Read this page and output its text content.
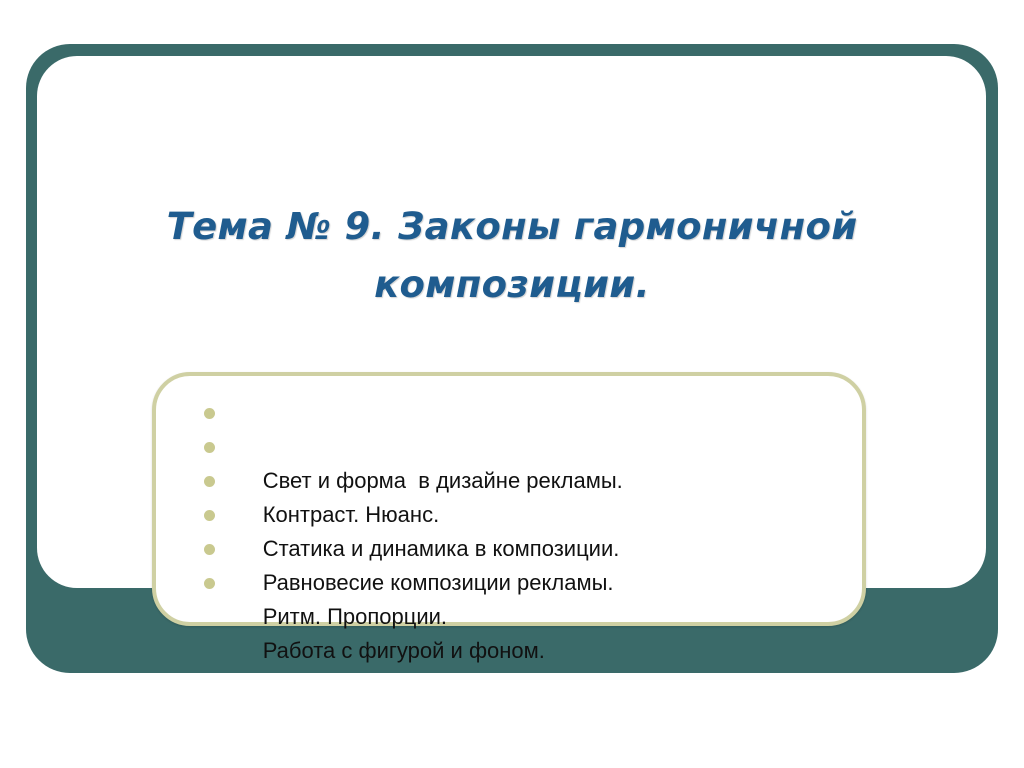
Тема № 9. Законы гармоничной
композиции.

Свет и форма  в дизайне рекламы.

Контраст. Нюанс.

Статика и динамика в композиции.

Равновесие композиции рекламы.

Ритм. Пропорции.

Работа с фигурой и фоном.
